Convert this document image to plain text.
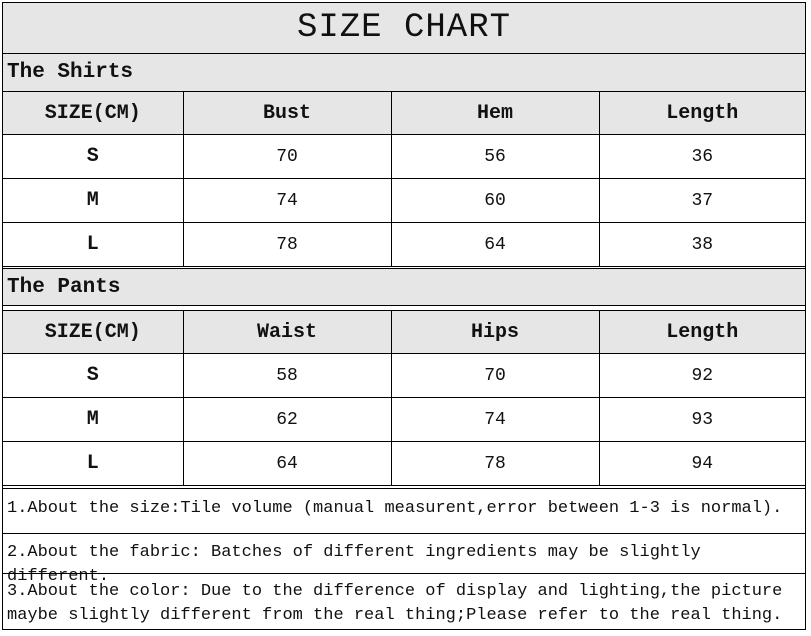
SIZE CHART
The Shirts
SIZE(CM)	Bust	Hem	Length
S	70	56	36
M	74	60	37
L	78	64	38
The Pants
SIZE(CM)	Waist	Hips	Length
S	58	70	92
M	62	74	93
L	64	78	94
1.About the size:Tile volume (manual measurent,error between 1-3 is normal).
2.About the fabric: Batches of different ingredients may be slightly different.
3.About the color: Due to the difference of display and lighting,the picture maybe slightly different from the real thing;Please refer to the real thing.
